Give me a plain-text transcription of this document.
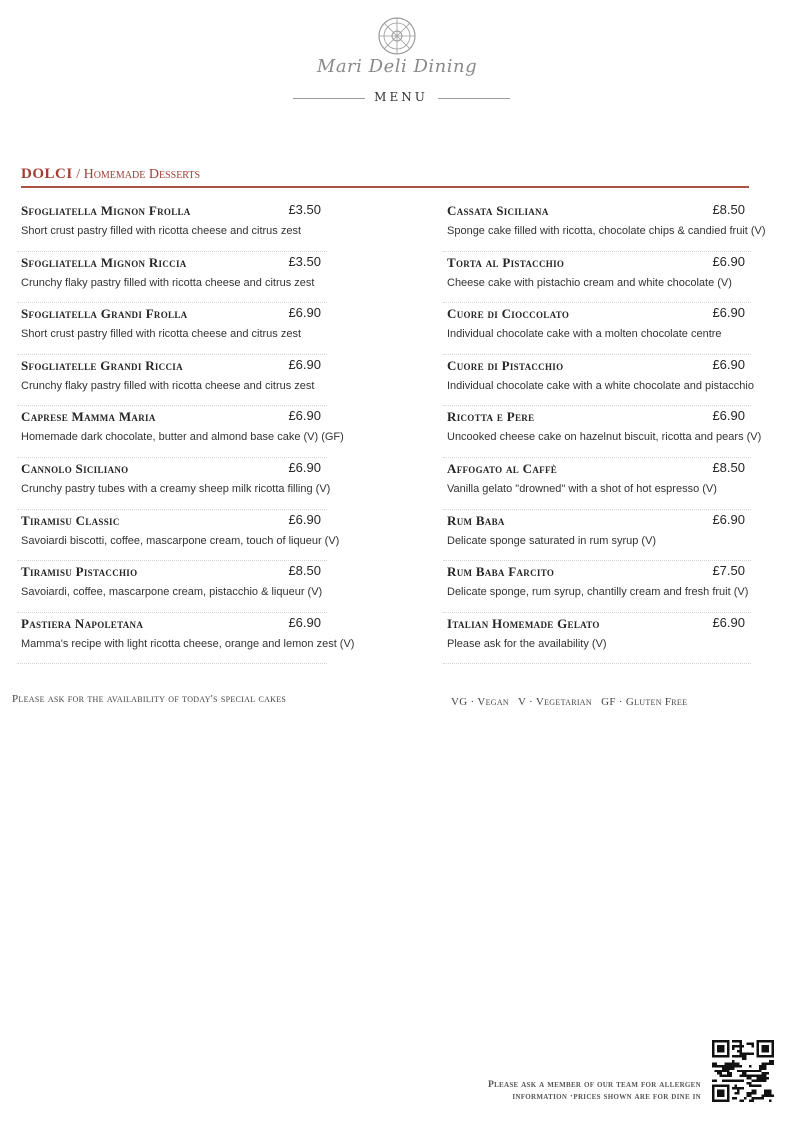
Mari Deli Dining
MENU
DOLCI / Homemade Desserts
Sfogliatella Mignon Frolla	£3.50
Short crust pastry filled with ricotta cheese and citrus zest
Sfogliatella Mignon Riccia	£3.50
Crunchy flaky pastry filled with ricotta cheese and citrus zest
Sfogliatella Grandi Frolla	£6.90
Short crust pastry filled with ricotta cheese and citrus zest
Sfogliatelle Grandi Riccia	£6.90
Crunchy flaky pastry filled with ricotta cheese and citrus zest
Caprese Mamma Maria	£6.90
Homemade dark chocolate, butter and almond base cake (V) (GF)
Cannolo Siciliano	£6.90
Crunchy pastry tubes with a creamy sheep milk ricotta filling (V)
Tiramisu Classic	£6.90
Savoiardi biscotti, coffee, mascarpone cream, touch of liqueur (V)
Tiramisu Pistacchio	£8.50
Savoiardi, coffee, mascarpone cream, pistacchio & liqueur (V)
Pastiera Napoletana	£6.90
Mamma's recipe with light ricotta cheese, orange and lemon zest (V)
Cassata Siciliana	£8.50
Sponge cake filled with ricotta, chocolate chips & candied fruit (V)
Torta al Pistacchio	£6.90
Cheese cake with pistachio cream and white chocolate (V)
Cuore di Cioccolato	£6.90
Individual chocolate cake with a molten chocolate centre
Cuore di Pistacchio	£6.90
Individual chocolate cake with a white chocolate and pistacchio
Ricotta e Pere	£6.90
Uncooked cheese cake on hazelnut biscuit, ricotta and pears (V)
Affogato al Caffè	£8.50
Vanilla gelato "drowned" with a shot of hot espresso (V)
Rum Baba	£6.90
Delicate sponge saturated in rum syrup (V)
Rum Baba Farcito	£7.50
Delicate sponge, rum syrup, chantilly cream and fresh fruit (V)
Italian Homemade Gelato	£6.90
Please ask for the availability (V)
Please ask for the availability of today's special cakes	VG · Vegan   V · Vegetarian   GF · Gluten Free
Please ask a member of our team for allergen
information ·prices shown are for dine in
